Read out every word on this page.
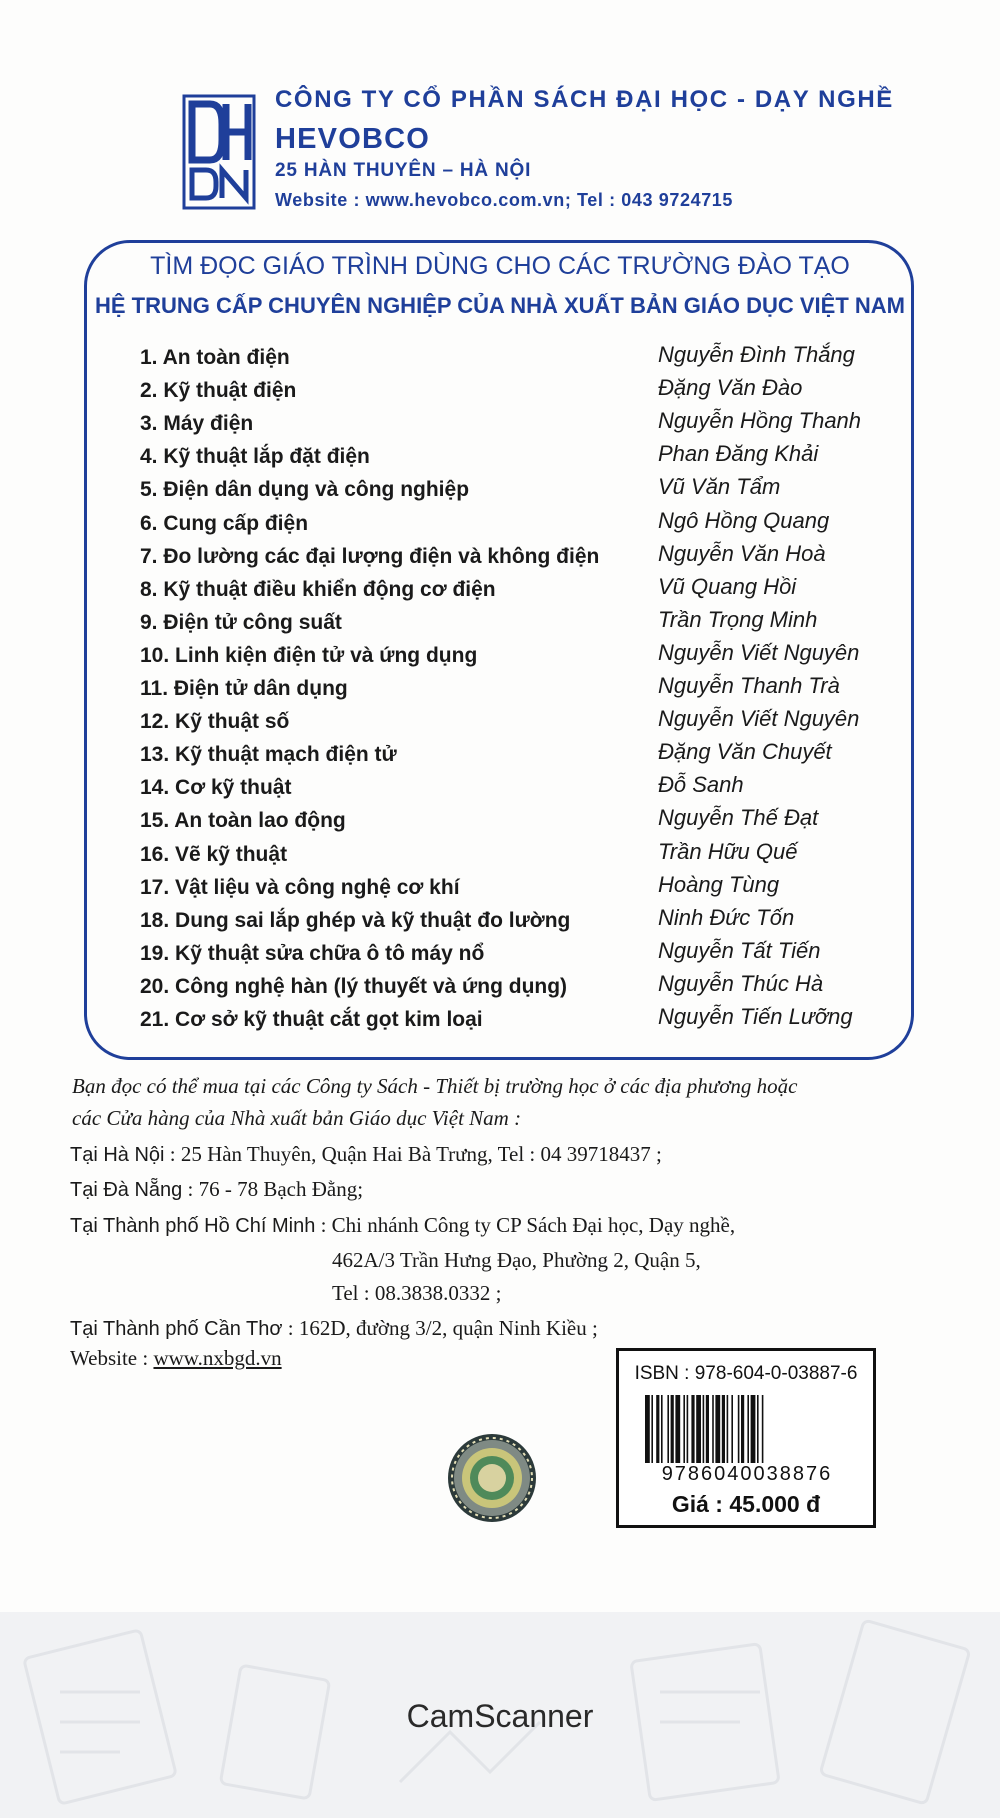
CÔNG TY CỔ PHẦN SÁCH ĐẠI HỌC - DẠY NGHỀ
HEVOBCO
25 HÀN THUYÊN – HÀ NỘI
Website : www.hevobco.com.vn; Tel : 043 9724715
TÌM ĐỌC GIÁO TRÌNH DÙNG CHO CÁC TRƯỜNG ĐÀO TẠO
HỆ TRUNG CẤP CHUYÊN NGHIỆP CỦA NHÀ XUẤT BẢN GIÁO DỤC VIỆT NAM
1. An toàn điện	Nguyễn Đình Thắng
2. Kỹ thuật điện	Đặng Văn Đào
3. Máy điện	Nguyễn Hồng Thanh
4. Kỹ thuật lắp đặt điện	Phan Đăng Khải
5. Điện dân dụng và công nghiệp	Vũ Văn Tẩm
6. Cung cấp điện	Ngô Hồng Quang
7. Đo lường các đại lượng điện và không điện	Nguyễn Văn Hoà
8. Kỹ thuật điều khiển động cơ điện	Vũ Quang Hồi
9. Điện tử công suất	Trần Trọng Minh
10. Linh kiện điện tử và ứng dụng	Nguyễn Viết Nguyên
11. Điện tử dân dụng	Nguyễn Thanh Trà
12. Kỹ thuật số	Nguyễn Viết Nguyên
13. Kỹ thuật mạch điện tử	Đặng Văn Chuyết
14. Cơ kỹ thuật	Đỗ Sanh
15. An toàn lao động	Nguyễn Thế Đạt
16. Vẽ kỹ thuật	Trần Hữu Quế
17. Vật liệu và công nghệ cơ khí	Hoàng Tùng
18. Dung sai lắp ghép và kỹ thuật đo lường	Ninh Đức Tốn
19. Kỹ thuật sửa chữa ô tô máy nổ	Nguyễn Tất Tiến
20. Công nghệ hàn (lý thuyết và ứng dụng)	Nguyễn Thúc Hà
21. Cơ sở kỹ thuật cắt gọt kim loại	Nguyễn Tiến Lưỡng
Bạn đọc có thể mua tại các Công ty Sách - Thiết bị trường học ở các địa phương hoặc
các Cửa hàng của Nhà xuất bản Giáo dục Việt Nam :
Tại Hà Nội : 25 Hàn Thuyên, Quận Hai Bà Trưng, Tel : 04 39718437 ;
Tại Đà Nẵng : 76 - 78 Bạch Đằng;
Tại Thành phố Hồ Chí Minh : Chi nhánh Công ty CP Sách Đại học, Dạy nghề,
462A/3 Trần Hưng Đạo, Phường 2, Quận 5,
Tel : 08.3838.0332 ;
Tại Thành phố Cần Thơ : 162D, đường 3/2, quận Ninh Kiều ;
Website : www.nxbgd.vn
ISBN : 978-604-0-03887-6
9786040038876
Giá : 45.000 đ
CamScanner
